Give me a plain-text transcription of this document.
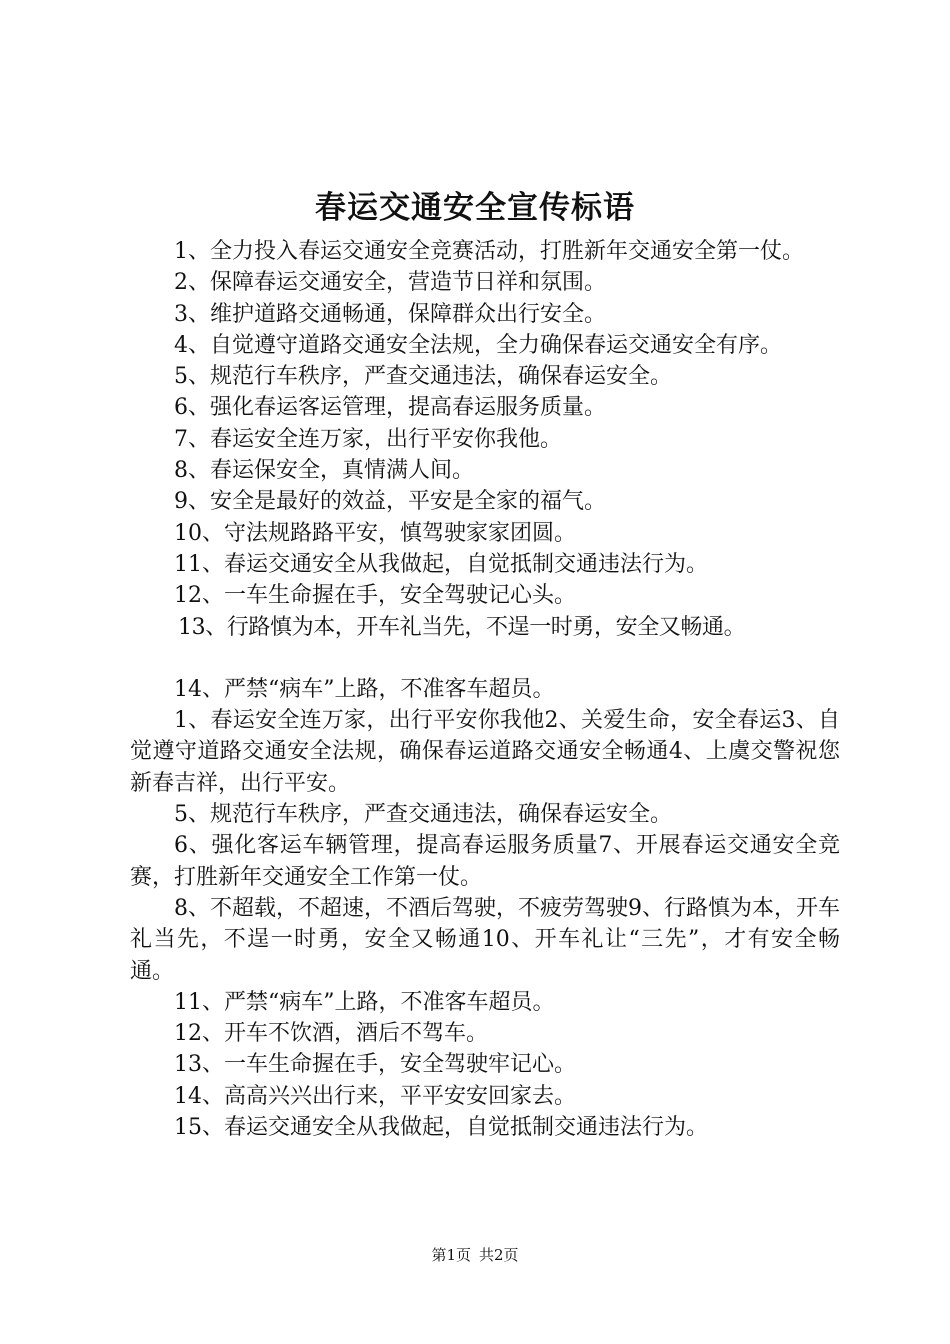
春运交通安全宣传标语

1、全力投入春运交通安全竞赛活动，打胜新年交通安全第一仗。

2、保障春运交通安全，营造节日祥和氛围。

3、维护道路交通畅通，保障群众出行安全。

4、自觉遵守道路交通安全法规，全力确保春运交通安全有序。

5、规范行车秩序，严查交通违法，确保春运安全。

6、强化春运客运管理，提高春运服务质量。

7、春运安全连万家，出行平安你我他。

8、春运保安全，真情满人间。

9、安全是最好的效益，平安是全家的福气。

10、守法规路路平安，慎驾驶家家团圆。

11、春运交通安全从我做起，自觉抵制交通违法行为。

12、一车生命握在手，安全驾驶记心头。

13、行路慎为本，开车礼当先，不逞一时勇，安全又畅通。

14、严禁“病车”上路，不准客车超员。

1、春运安全连万家，出行平安你我他2、关爱生命，安全春运3、自觉遵守道路交通安全法规，确保春运道路交通安全畅通4、上虞交警祝您新春吉祥，出行平安。

5、规范行车秩序，严查交通违法，确保春运安全。

6、强化客运车辆管理，提高春运服务质量7、开展春运交通安全竞赛，打胜新年交通安全工作第一仗。

8、不超载，不超速，不酒后驾驶，不疲劳驾驶9、行路慎为本，开车礼当先，不逞一时勇，安全又畅通10、开车礼让“三先”，才有安全畅通。

11、严禁“病车”上路，不准客车超员。

12、开车不饮酒，酒后不驾车。

13、一车生命握在手，安全驾驶牢记心。

14、高高兴兴出行来，平平安安回家去。

15、春运交通安全从我做起，自觉抵制交通违法行为。

第1页 共2页
